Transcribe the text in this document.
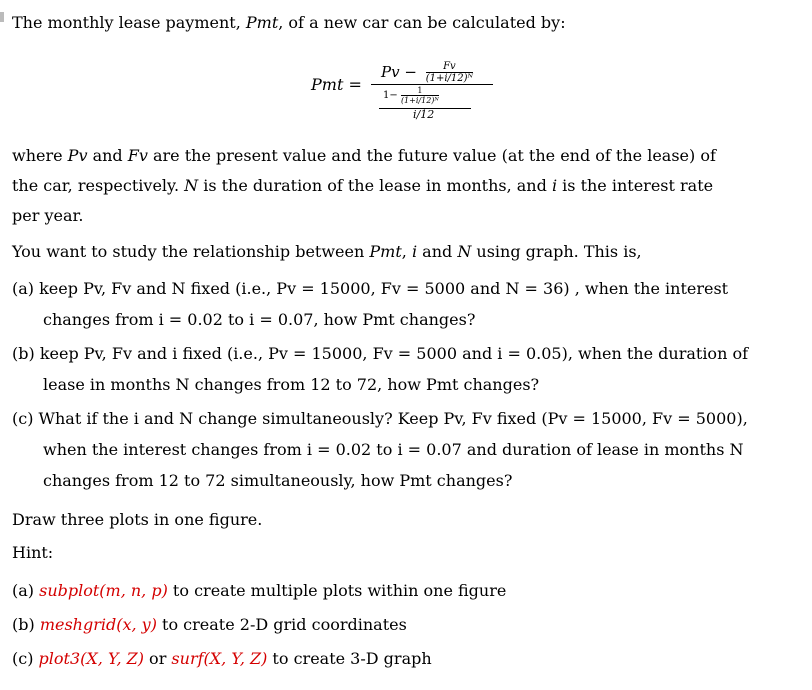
The monthly lease payment, Pmt, of a new car can be calculated by:
Pmt =
$Pv - \frac{Fv}{\text{(1+i/12)ᴺ}}$
$1- \frac{1}{\text{(1+i/12)ᴺ}}$
i/12
where Pv and Fv are the present value and the future value (at the end of the lease) of
the car, respectively. N is the duration of the lease in months, and i is the interest rate
per year.
You want to study the relationship between Pmt, i and N using graph. This is,
(a) keep Pv, Fv and N fixed (i.e., Pv = 15000, Fv = 5000 and N = 36) , when the interest
changes from i = 0.02 to i = 0.07, how Pmt changes?
(b) keep Pv, Fv and i fixed (i.e., Pv = 15000, Fv = 5000 and i = 0.05), when the duration of
lease in months N changes from 12 to 72, how Pmt changes?
(c) What if the i and N change simultaneously? Keep Pv, Fv fixed (Pv = 15000, Fv = 5000),
when the interest changes from i = 0.02 to i = 0.07 and duration of lease in months N
changes from 12 to 72 simultaneously, how Pmt changes?
Draw three plots in one figure.
Hint:
(a) subplot(m, n, p) to create multiple plots within one figure
(b) meshgrid(x, y) to create 2-D grid coordinates
(c) plot3(X, Y, Z) or surf(X, Y, Z) to create 3-D graph
